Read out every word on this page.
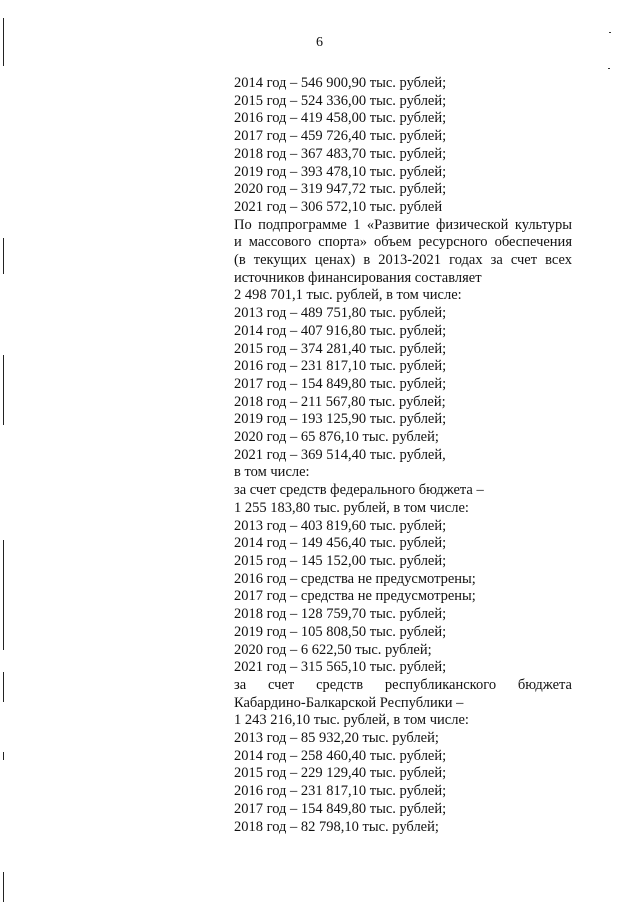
6
2014 год – 546 900,90 тыс. рублей;
2015 год – 524 336,00 тыс. рублей;
2016 год – 419 458,00 тыс. рублей;
2017 год – 459 726,40 тыс. рублей;
2018 год – 367 483,70 тыс. рублей;
2019 год – 393 478,10 тыс. рублей;
2020 год – 319 947,72 тыс. рублей;
2021 год – 306 572,10 тыс. рублей
По подпрограмме 1 «Развитие физической культуры
и массового спорта» объем ресурсного обеспечения
(в текущих ценах) в 2013-2021 годах за счет всех
источников финансирования составляет
2 498 701,1 тыс. рублей, в том числе:
2013 год – 489 751,80 тыс. рублей;
2014 год – 407 916,80 тыс. рублей;
2015 год – 374 281,40 тыс. рублей;
2016 год – 231 817,10 тыс. рублей;
2017 год – 154 849,80 тыс. рублей;
2018 год – 211 567,80 тыс. рублей;
2019 год – 193 125,90 тыс. рублей;
2020 год – 65 876,10 тыс. рублей;
2021 год – 369 514,40 тыс. рублей,
в том числе:
за счет средств федерального бюджета –
1 255 183,80 тыс. рублей, в том числе:
2013 год – 403 819,60 тыс. рублей;
2014 год – 149 456,40 тыс. рублей;
2015 год – 145 152,00 тыс. рублей;
2016 год – средства не предусмотрены;
2017 год – средства не предусмотрены;
2018 год – 128 759,70 тыс. рублей;
2019 год – 105 808,50 тыс. рублей;
2020 год – 6 622,50 тыс. рублей;
2021 год – 315 565,10 тыс. рублей;
за счет средств республиканского бюджета
Кабардино-Балкарской Республики –
1 243 216,10 тыс. рублей, в том числе:
2013 год – 85 932,20 тыс. рублей;
2014 год – 258 460,40 тыс. рублей;
2015 год – 229 129,40 тыс. рублей;
2016 год – 231 817,10 тыс. рублей;
2017 год – 154 849,80 тыс. рублей;
2018 год – 82 798,10 тыс. рублей;
